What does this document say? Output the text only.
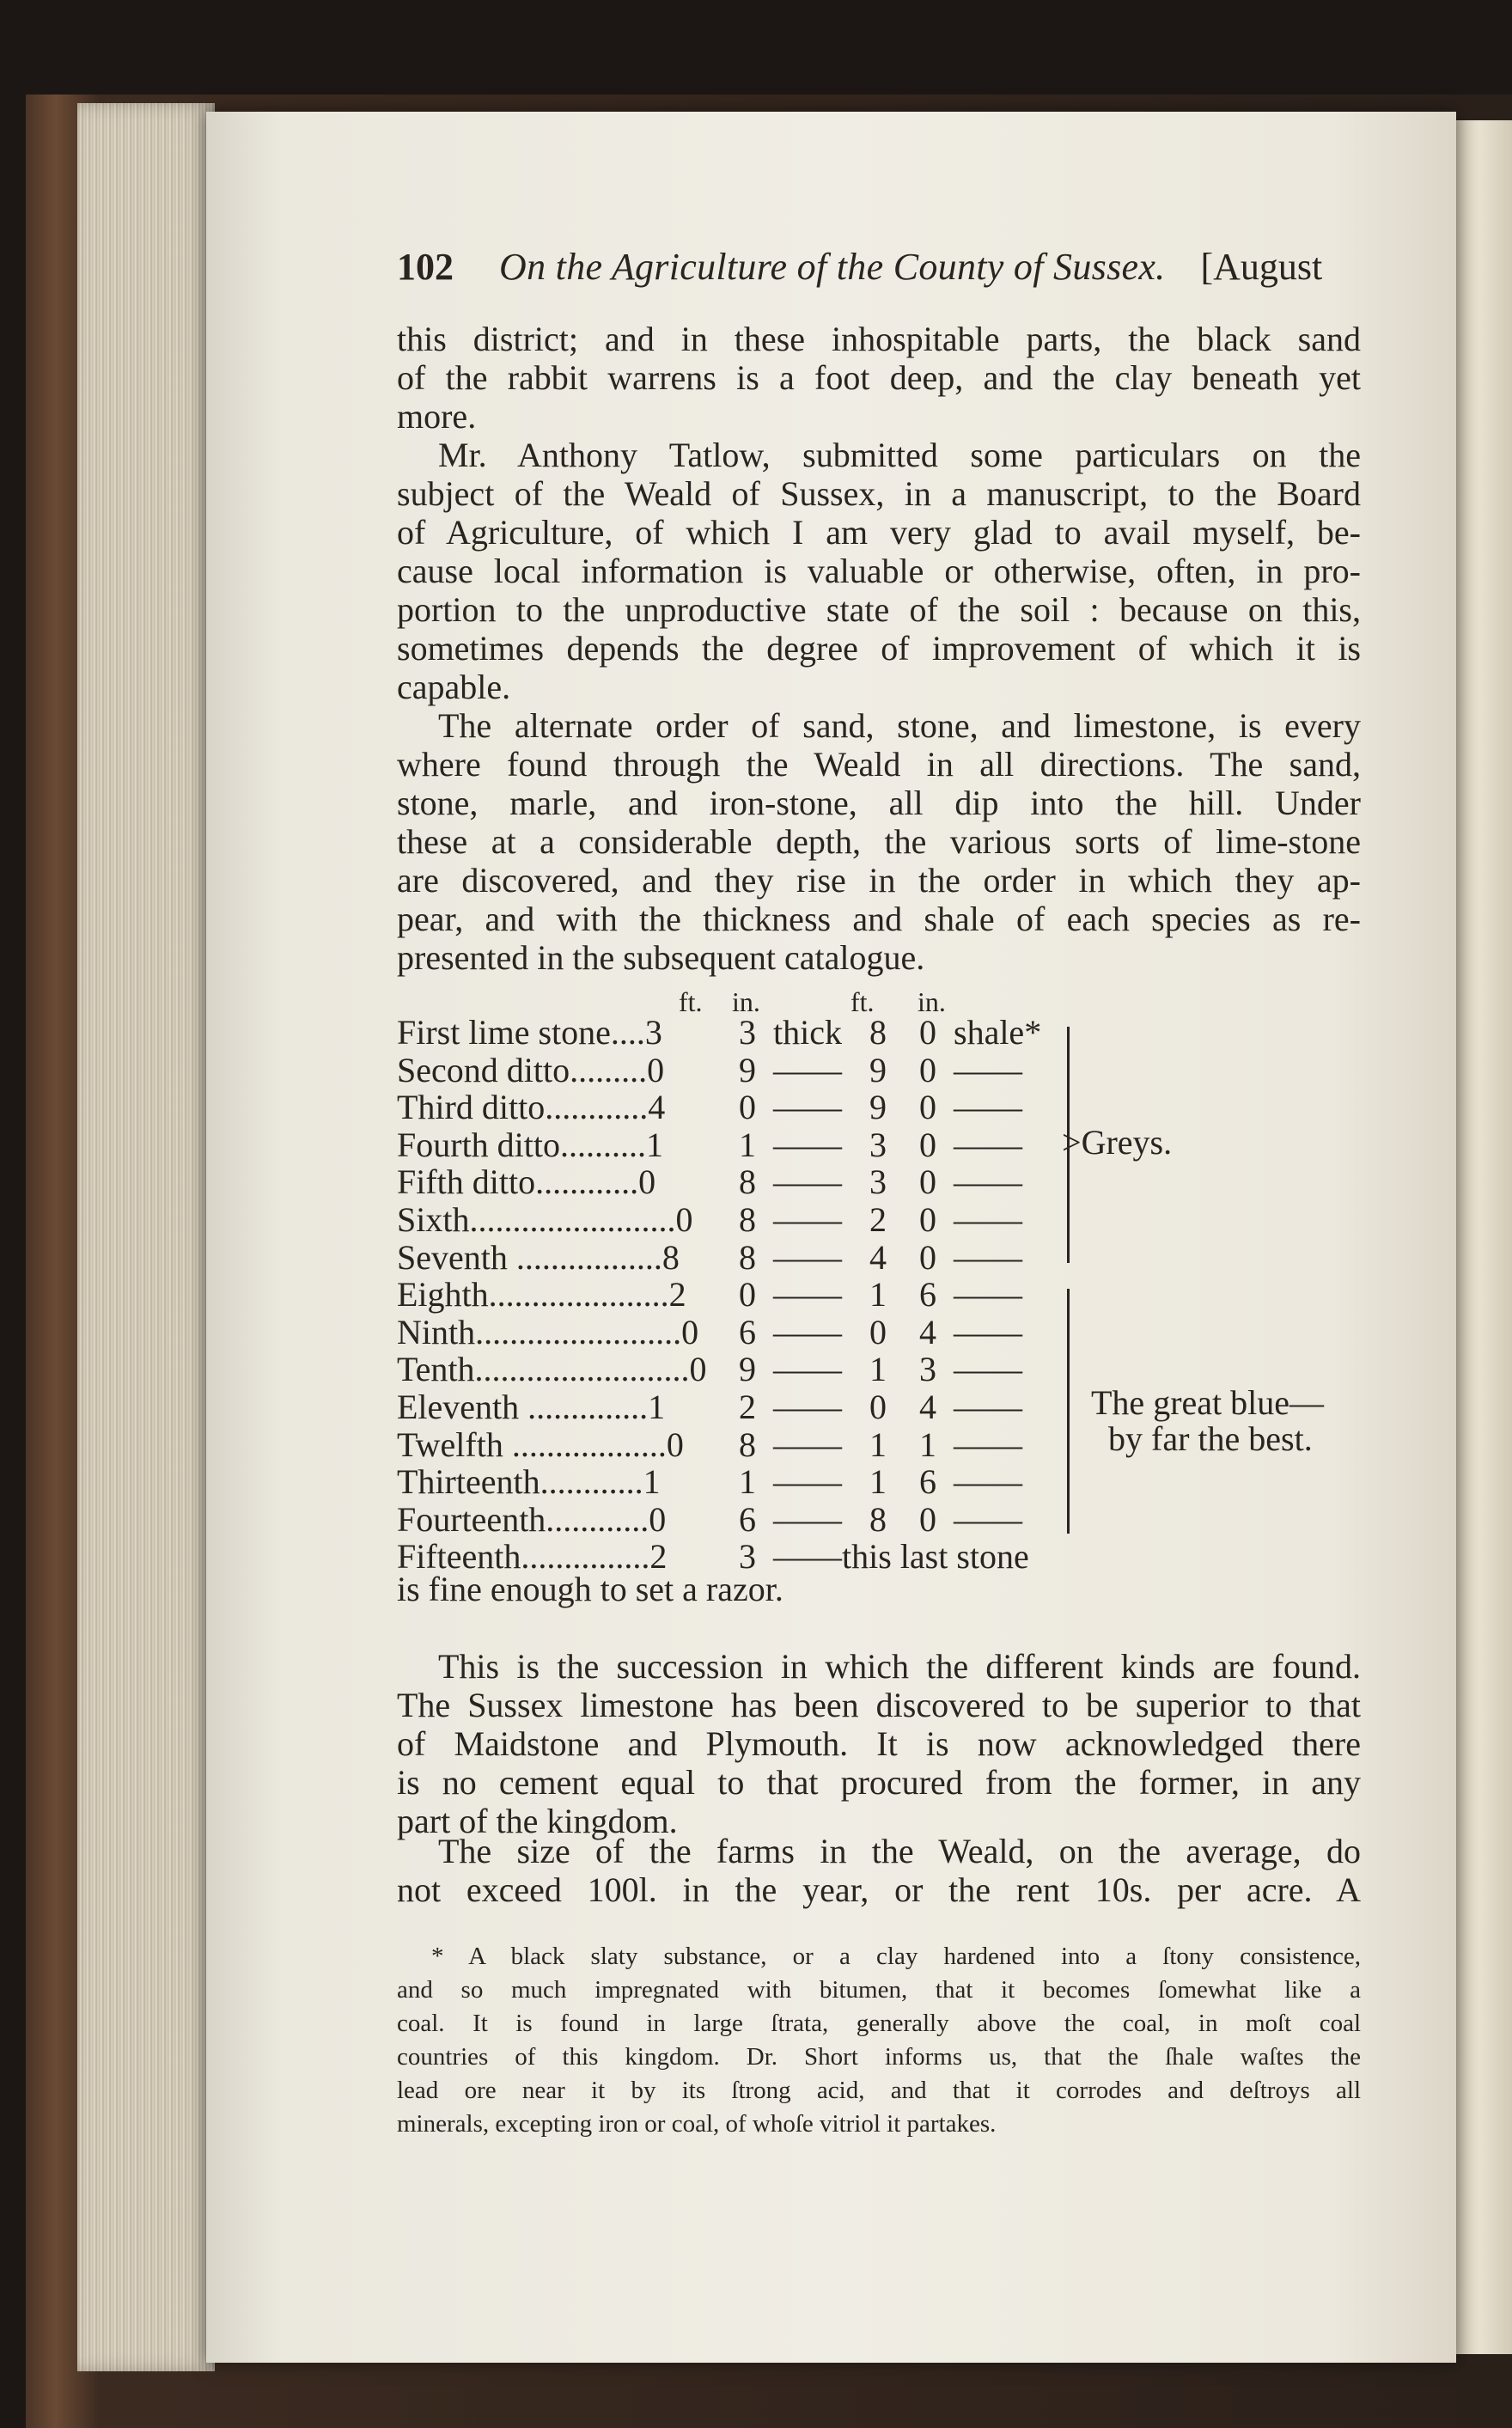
102 On the Agriculture of the County of Sussex. [August
this district; and in these inhospitable parts, the black sand
of the rabbit warrens is a foot deep, and the clay beneath yet
more.
Mr. Anthony Tatlow, submitted some particulars on the
subject of the Weald of Sussex, in a manuscript, to the Board
of Agriculture, of which I am very glad to avail myself, be-
cause local information is valuable or otherwise, often, in pro-
portion to the unproductive state of the soil : because on this,
sometimes depends the degree of improvement of which it is
capable.
The alternate order of sand, stone, and limestone, is every
where found through the Weald in all directions. The sand,
stone, marle, and iron-stone, all dip into the hill. Under
these at a considerable depth, the various sorts of lime-stone
are discovered, and they rise in the order in which they ap-
pear, and with the thickness and shale of each species as re-
presented in the subsequent catalogue.
ft. in.	ft. in.
First lime stone....3 3 thick 8 0 shale*
Second ditto.........0 9 —— 9 0 ——
Third ditto............4 0 —— 9 0 ——
Fourth ditto..........1 1 —— 3 0 ——
Fifth ditto............0 8 —— 3 0 ——
Sixth........................0 8 —— 2 0 ——
Seventh .................8 8 —— 4 0 ——
Eighth.....................2 0 —— 1 6 ——
Ninth........................0 6 —— 0 4 ——
Tenth.........................0 9 —— 1 3 ——
Eleventh ..............1 2 —— 0 4 ——
Twelfth ..................0 8 —— 1 1 ——
Thirteenth............1 1 —— 1 6 ——
Fourteenth............0 6 —— 8 0 ——
Fifteenth...............2 3 ——this last stone
>Greys.
The great blue—
by far the best.
is fine enough to set a razor.
This is the succession in which the different kinds are found.
The Sussex limestone has been discovered to be superior to that
of Maidstone and Plymouth. It is now acknowledged there
is no cement equal to that procured from the former, in any
part of the kingdom.
The size of the farms in the Weald, on the average, do
not exceed 100l. in the year, or the rent 10s. per acre. A
* A black slaty substance, or a clay hardened into a ſtony consistence,
and so much impregnated with bitumen, that it becomes ſomewhat like a
coal. It is found in large ſtrata, generally above the coal, in moſt coal
countries of this kingdom. Dr. Short informs us, that the ſhale waſtes the
lead ore near it by its ſtrong acid, and that it corrodes and deſtroys all
minerals, excepting iron or coal, of whoſe vitriol it partakes.
